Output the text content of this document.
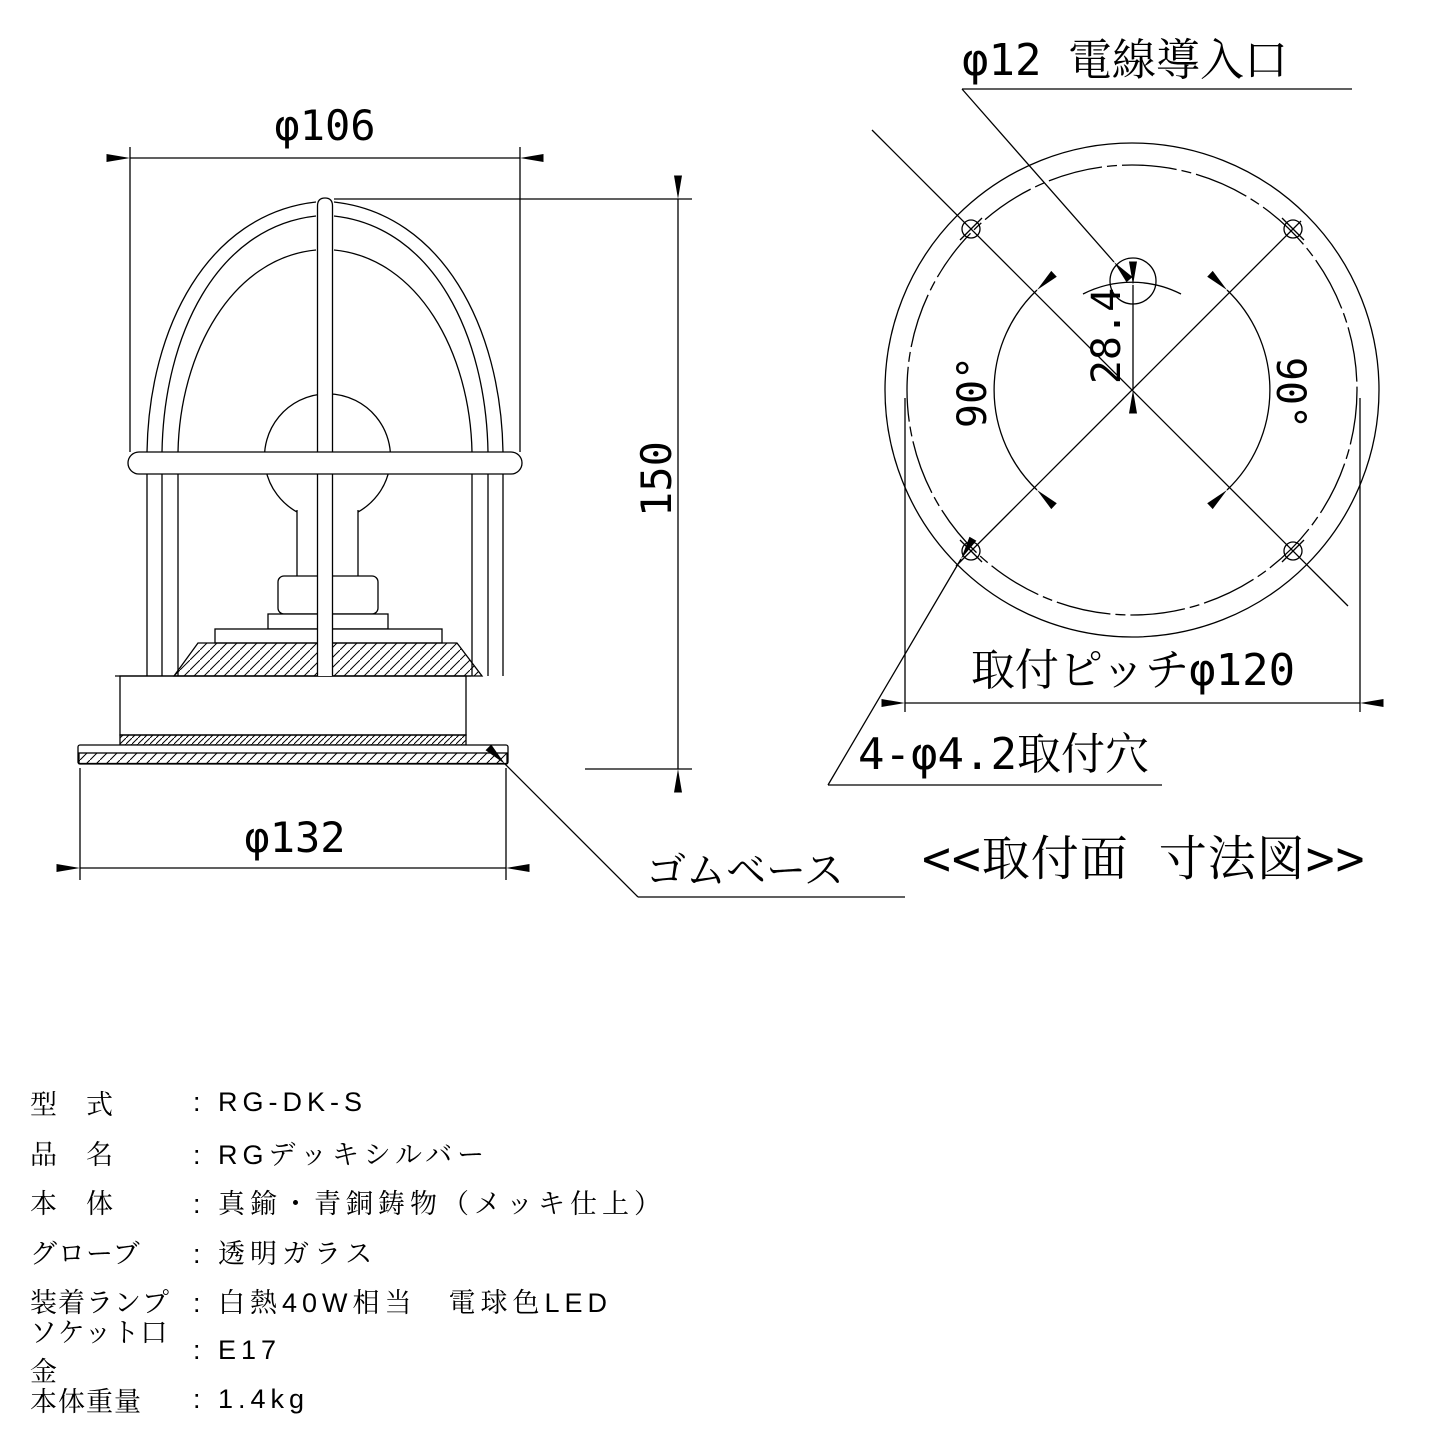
φ106
150
φ132
ゴムベース <<取付面 寸法図>>
φ12 電線導入口
28.4
90°	90°
取付ピッチφ120
4-φ4.2取付穴
型　式	: RG-DK-S
品　名	: RGデッキシルバー
本　体	: 真鍮・青銅鋳物（メッキ仕上）
グローブ	: 透明ガラス
装着ランプ : 白熱40W相当　電球色LED
ソケット口金
: E17
本体重量	: 1.4kg
